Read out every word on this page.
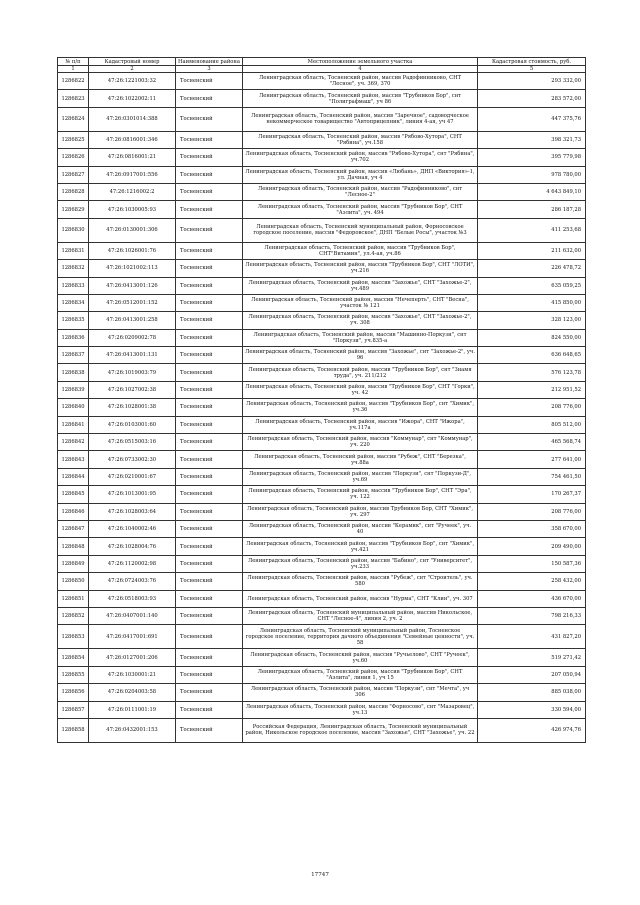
№ п/п	Кадастровый номер	Наименование района	Местоположение земельного участка	Кадастровая стоимость, руб.
1	2	3	4	5
1286822	47:26:1221003:32	Тосненский	Ленинградская область, Тосненский район, массив Радофинниково, СНТ "Лесное", уч. 369, 370	293 332,00
1286823	47:26:1022002:11	Тосненский	Ленинградская область, Тосненский район, массив "Трубников Бор", снт "Полиграфмаш", уч 86	283 572,00
1286824	47:26:0301014:388	Тосненский	Ленинградская область, Тосненский район, массив "Заречное", садоводческое некоммерческое товарищество "Автоприцепник", линия 4-ая, уч 47	447 375,76
1286825	47:26:0816001:346	Тосненский	Ленинградская область, Тосненский район, массив "Рябово-Хутора", СНТ "Рябина", уч.158	398 321,73
1286826	47:26:0816001:21	Тосненский	Ленинградская область, Тосненский район, массив "Рябово-Хутора", снт "Рябина", уч.702	395 779,98
1286827	47:26:0917001:556	Тосненский	Ленинградская область, Тосненский район, массив «Любань», ДНП «Виктория»-1, ул. Дачная, уч 4	978 780,00
1286828	47:26:1216002:2	Тосненский	Ленинградская область, Тосненский район, массив "Радофинниково", снт "Лесное-2"	4 643 849,10
1286829	47:26:1030005:93	Тосненский	Ленинградская область, Тосненский район, массив "Трубников Бор", СНТ "Аэлита", уч. 494	286 187,28
1286830	47:26:0130001:306	Тосненский	Ленинградская область, Тосненский муниципальный район, Форносовское городское поселение, массив "Федоровское", ДНП "Белые Росы", участок №3	411 253,68
1286831	47:26:1026001:76	Тосненский	Ленинградская область, Тосненский район, массив "Трубников Бор", СНТ"Витамин", ул.4-ая, уч.86	211 632,00
1286832	47:26:1021002:113	Тосненский	Ленинградская область, Тосненский район, массив "Трубников Бор", СНТ "ЛОТИ", уч.216	226 478,72
1286833	47:26:0413001:126	Тосненский	Ленинградская область, Тосненский район, массив "Захожье", СНТ "Захожье-2", уч.489	635 059,25
1286834	47:26:0512001:152	Тосненский	Ленинградская область, Тосненский район, массив "Нечеперть", СНТ "Весна", участок № 121	415 850,00
1286835	47:26:0413001:258	Тосненский	Ленинградская область, Тосненский район, массив "Захожье", СНТ "Захожье-2", уч. 308	328 123,00
1286836	47:26:0209002:78	Тосненский	Ленинградская область, Тосненский район, массив "Машинно-Поркузи", снт "Поркузи", уч.835-а	824 550,00
1286837	47:26:0413001:131	Тосненский	Ленинградская область, Тосненский район, массив "Захожье", снт "Захожье-2", уч. 96	636 648,65
1286838	47:26:1019003:79	Тосненский	Ленинградская область, Тосненский район, массив "Трубников Бор", снт "Знамя труда", уч. 211/212	576 123,78
1286839	47:26:1027002:38	Тосненский	Ленинградская область, Тосненский район, массив "Трубников Бор", СНТ "Горки", уч. 42	212 951,52
1286840	47:26:1028001:38	Тосненский	Ленинградская область, Тосненский район, массив "Трубников Бор", снт "Химик", уч.36	208 776,00
1286841	47:26:0103001:60	Тосненский	Ленинградская область, Тосненский район, массив "Ижора", СНТ "Ижора", уч.117а	805 512,00
1286842	47:26:0515003:16	Тосненский	Ленинградская область, Тосненский район, массив "Коммунар", снт "Коммунар", уч. 220	465 568,74
1286843	47:26:0733002:30	Тосненский	Ленинградская область, Тосненский район, массив "Рубеж", СНТ "Березка", уч.88а	277 641,00
1286844	47:26:0210001:67	Тосненский	Ленинградская область, Тосненский район, массив "Поркузи", снт "Поркузи-Д", уч.69	754 461,50
1286845	47:26:1013001:95	Тосненский	Ленинградская область, Тосненский район, массив "Трубников Бор", СНТ "Эра", уч. 122	170 267,37
1286846	47:26:1028003:64	Тосненский	Ленинградская область, Тосненский район, массив Трубников Бор, СНТ "Химик", уч. 297	208 776,00
1286847	47:26:1040002:46	Тосненский	Ленинградская область, Тосненский район, массив "Керамик", снт "Ручеек", уч. 40	358 670,00
1286848	47:26:1028004:76	Тосненский	Ленинградская область, Тосненский район, массив "Трубников Бор", снт "Химик", уч.421	209 490,00
1286849	47:26:1120002:98	Тосненский	Ленинградская область, Тосненский район, массив "Бабино", снт "Университет", уч.233	150 587,36
1286850	47:26:0724003:76	Тосненский	Ленинградская область, Тосненский район, массив "Рубеж", снт "Строитель", уч. 580	258 432,00
1286851	47:26:0518003:93	Тосненский	Ленинградская область, Тосненский район, массив "Нурма", СНТ "Клин", уч. 307	436 670,00
1286852	47:26:0407001:140	Тосненский	Ленинградская область, Тосненский муниципальный район, массив Никольское, СНТ "Лесное-4", линия 2, уч. 2	798 216,33
1286853	47:26:0417001:691	Тосненский	Ленинградская область, Тосненский муниципальный район, Тосненское городское поселение, территория дачного объединения "Семейные ценности", уч. 58	431 827,20
1286854	47:26:0127001:206	Тосненский	Ленинградская область, Тосненский район, массив "Ручьелово", СНТ "Ручеек", уч.60	519 271,42
1286855	47:26:1030001:21	Тосненский	Ленинградская область, Тосненский район, массив "Трубников Бор", СНТ "Аэлита", линия 1, уч 15	207 050,94
1286856	47:26:0204003:58	Тосненский	Ленинградская область, Тосненский район, массив "Поркузи", снт "Мечта", уч 306	885 038,00
1286857	47:26:0111001:19	Тосненский	Ленинградская область, Тосненский район, массив "Форносово", снт "Мазаровец", уч.13	330 594,00
1286858	47:26:0432001:153	Тосненский	Российская Федерация, Ленинградская область, Тосненский муниципальный район, Никольское городское поселение, массив "Захожье", СНТ "Захожье", уч. 22	426 974,76
17747
